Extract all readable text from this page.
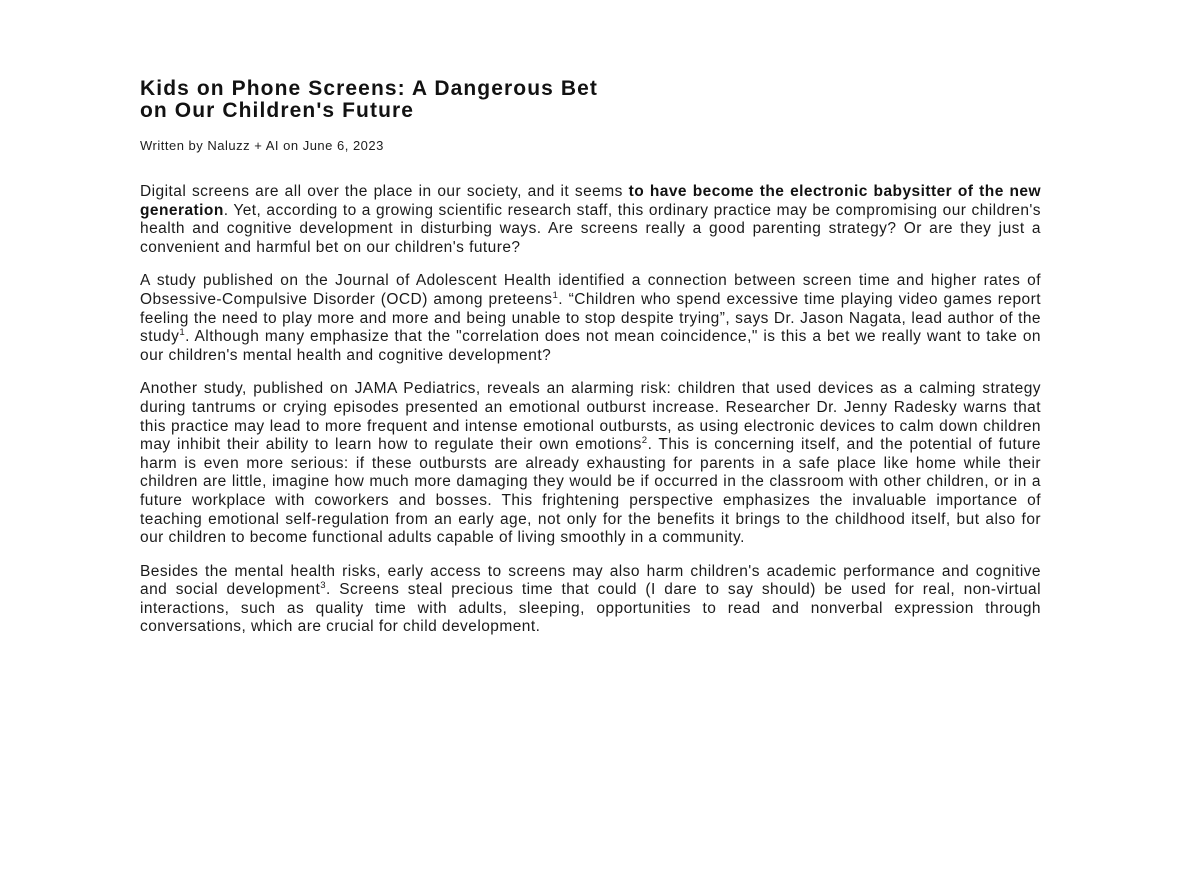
Kids on Phone Screens: A Dangerous Bet
on Our Children's Future
Written by Naluzz + AI on June 6, 2023

Digital screens are all over the place in our society, and it seems to have become the electronic babysitter of the new generation. Yet, according to a growing scientific research staff, this ordinary practice may be compromising our children's health and cognitive development in disturbing ways. Are screens really a good parenting strategy? Or are they just a convenient and harmful bet on our children's future?

A study published on the Journal of Adolescent Health identified a connection between screen time and higher rates of Obsessive-Compulsive Disorder (OCD) among preteens$^1$. “Children who spend excessive time playing video games report feeling the need to play more and more and being unable to stop despite trying”, says Dr. Jason Nagata, lead author of the study$^1$. Although many emphasize that the "correlation does not mean coincidence," is this a bet we really want to take on our children's mental health and cognitive development?

Another study, published on JAMA Pediatrics, reveals an alarming risk: children that used devices as a calming strategy during tantrums or crying episodes presented an emotional outburst increase. Researcher Dr. Jenny Radesky warns that this practice may lead to more frequent and intense emotional outbursts, as using electronic devices to calm down children may inhibit their ability to learn how to regulate their own emotions$^2$. This is concerning itself, and the potential of future harm is even more serious: if these outbursts are already exhausting for parents in a safe place like home while their children are little, imagine how much more damaging they would be if occurred in the classroom with other children, or in a future workplace with coworkers and bosses. This frightening perspective emphasizes the invaluable importance of teaching emotional self-regulation from an early age, not only for the benefits it brings to the childhood itself, but also for our children to become functional adults capable of living smoothly in a community.

Besides the mental health risks, early access to screens may also harm children's academic performance and cognitive and social development$^3$. Screens steal precious time that could (I dare to say should) be used for real, non-virtual interactions, such as quality time with adults, sleeping, opportunities to read and nonverbal expression through conversations, which are crucial for child development.
